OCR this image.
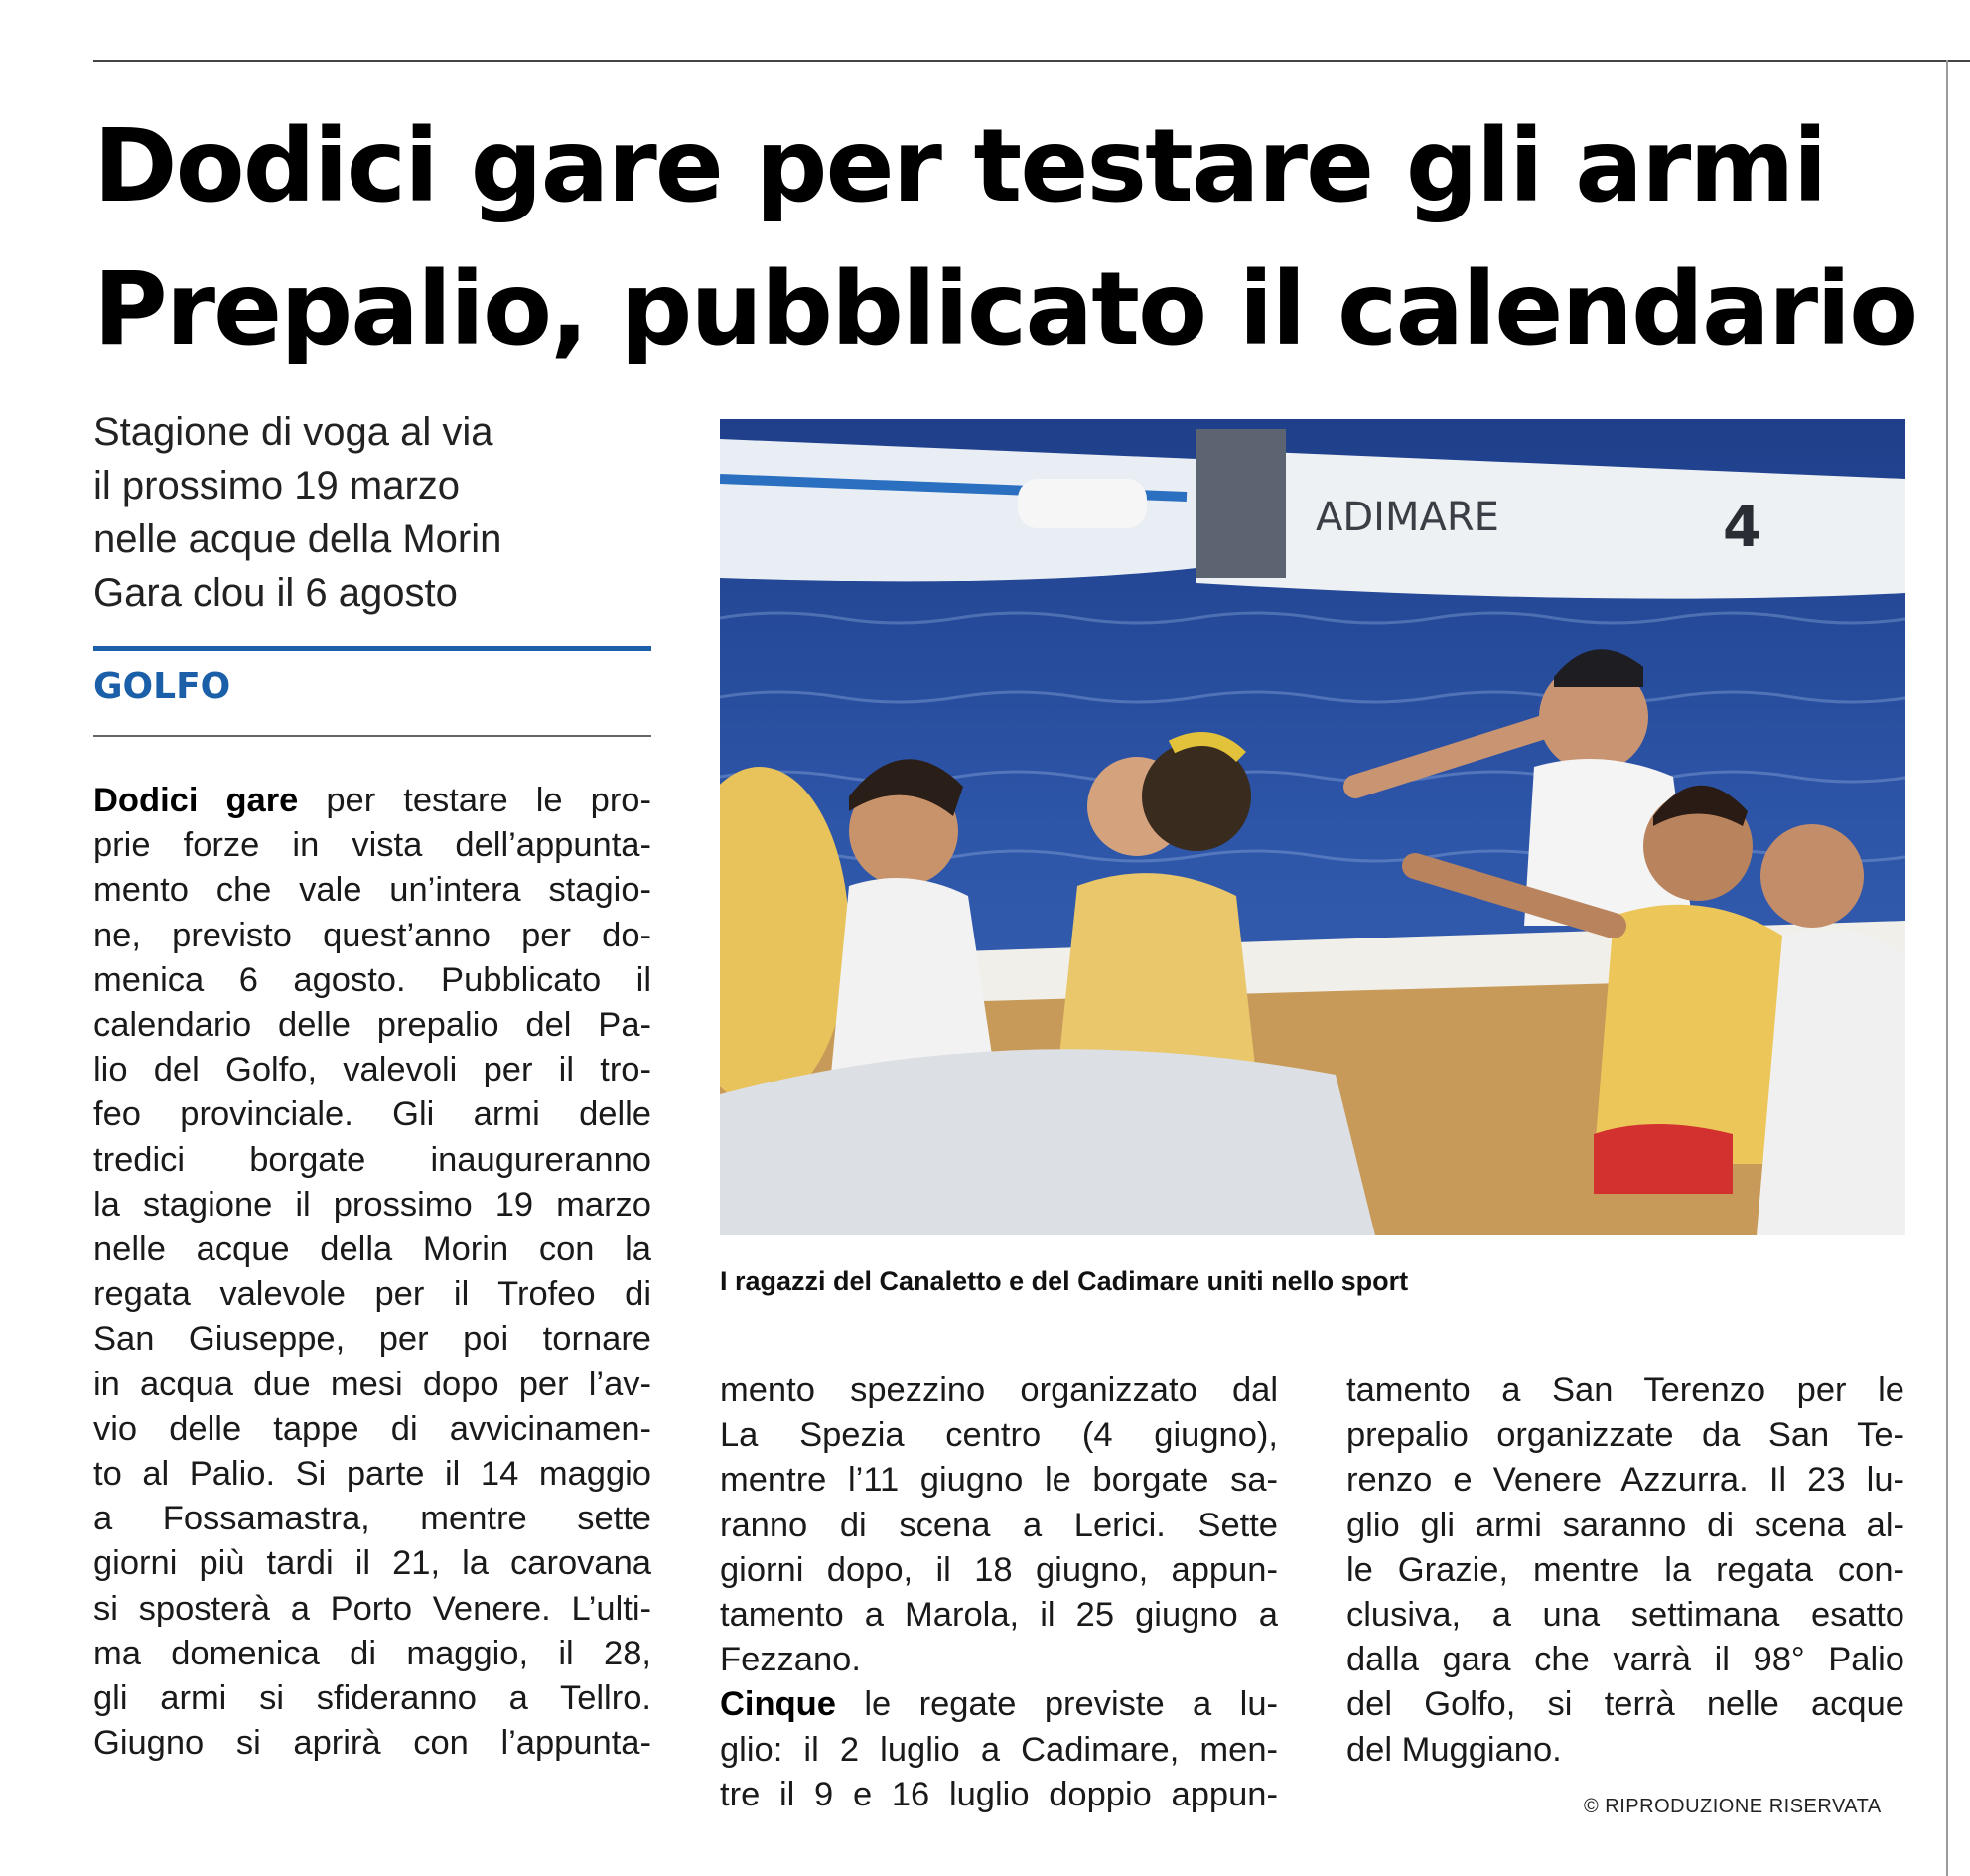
Dodici gare per testare gli armi
Prepalio, pubblicato il calendario
Stagione di voga al via
il prossimo 19 marzo
nelle acque della Morin
Gara clou il 6 agosto
GOLFO
ADIMARE	4
I ragazzi del Canaletto e del Cadimare uniti nello sport
Dodici gare per testare le pro-
prie forze in vista dell’appunta-
mento che vale un’intera stagio-
ne, previsto quest’anno per do-
menica 6 agosto. Pubblicato il
calendario delle prepalio del Pa-
lio del Golfo, valevoli per il tro-
feo provinciale. Gli armi delle
tredici borgate inaugureranno
la stagione il prossimo 19 marzo
nelle acque della Morin con la
regata valevole per il Trofeo di
San Giuseppe, per poi tornare
in acqua due mesi dopo per l’av-
vio delle tappe di avvicinamen-
to al Palio. Si parte il 14 maggio
a Fossamastra, mentre sette
giorni più tardi il 21, la carovana
si sposterà a Porto Venere. L’ulti-
ma domenica di maggio, il 28,
gli armi si sfideranno a Tellro.
Giugno si aprirà con l’appunta-
mento spezzino organizzato dal
La Spezia centro (4 giugno),
mentre l’11 giugno le borgate sa-
ranno di scena a Lerici. Sette
giorni dopo, il 18 giugno, appun-
tamento a Marola, il 25 giugno a
Fezzano.
Cinque le regate previste a lu-
glio: il 2 luglio a Cadimare, men-
tre il 9 e 16 luglio doppio appun-
tamento a San Terenzo per le
prepalio organizzate da San Te-
renzo e Venere Azzurra. Il 23 lu-
glio gli armi saranno di scena al-
le Grazie, mentre la regata con-
clusiva, a una settimana esatto
dalla gara che varrà il 98° Palio
del Golfo, si terrà nelle acque
del Muggiano.
© RIPRODUZIONE RISERVATA
